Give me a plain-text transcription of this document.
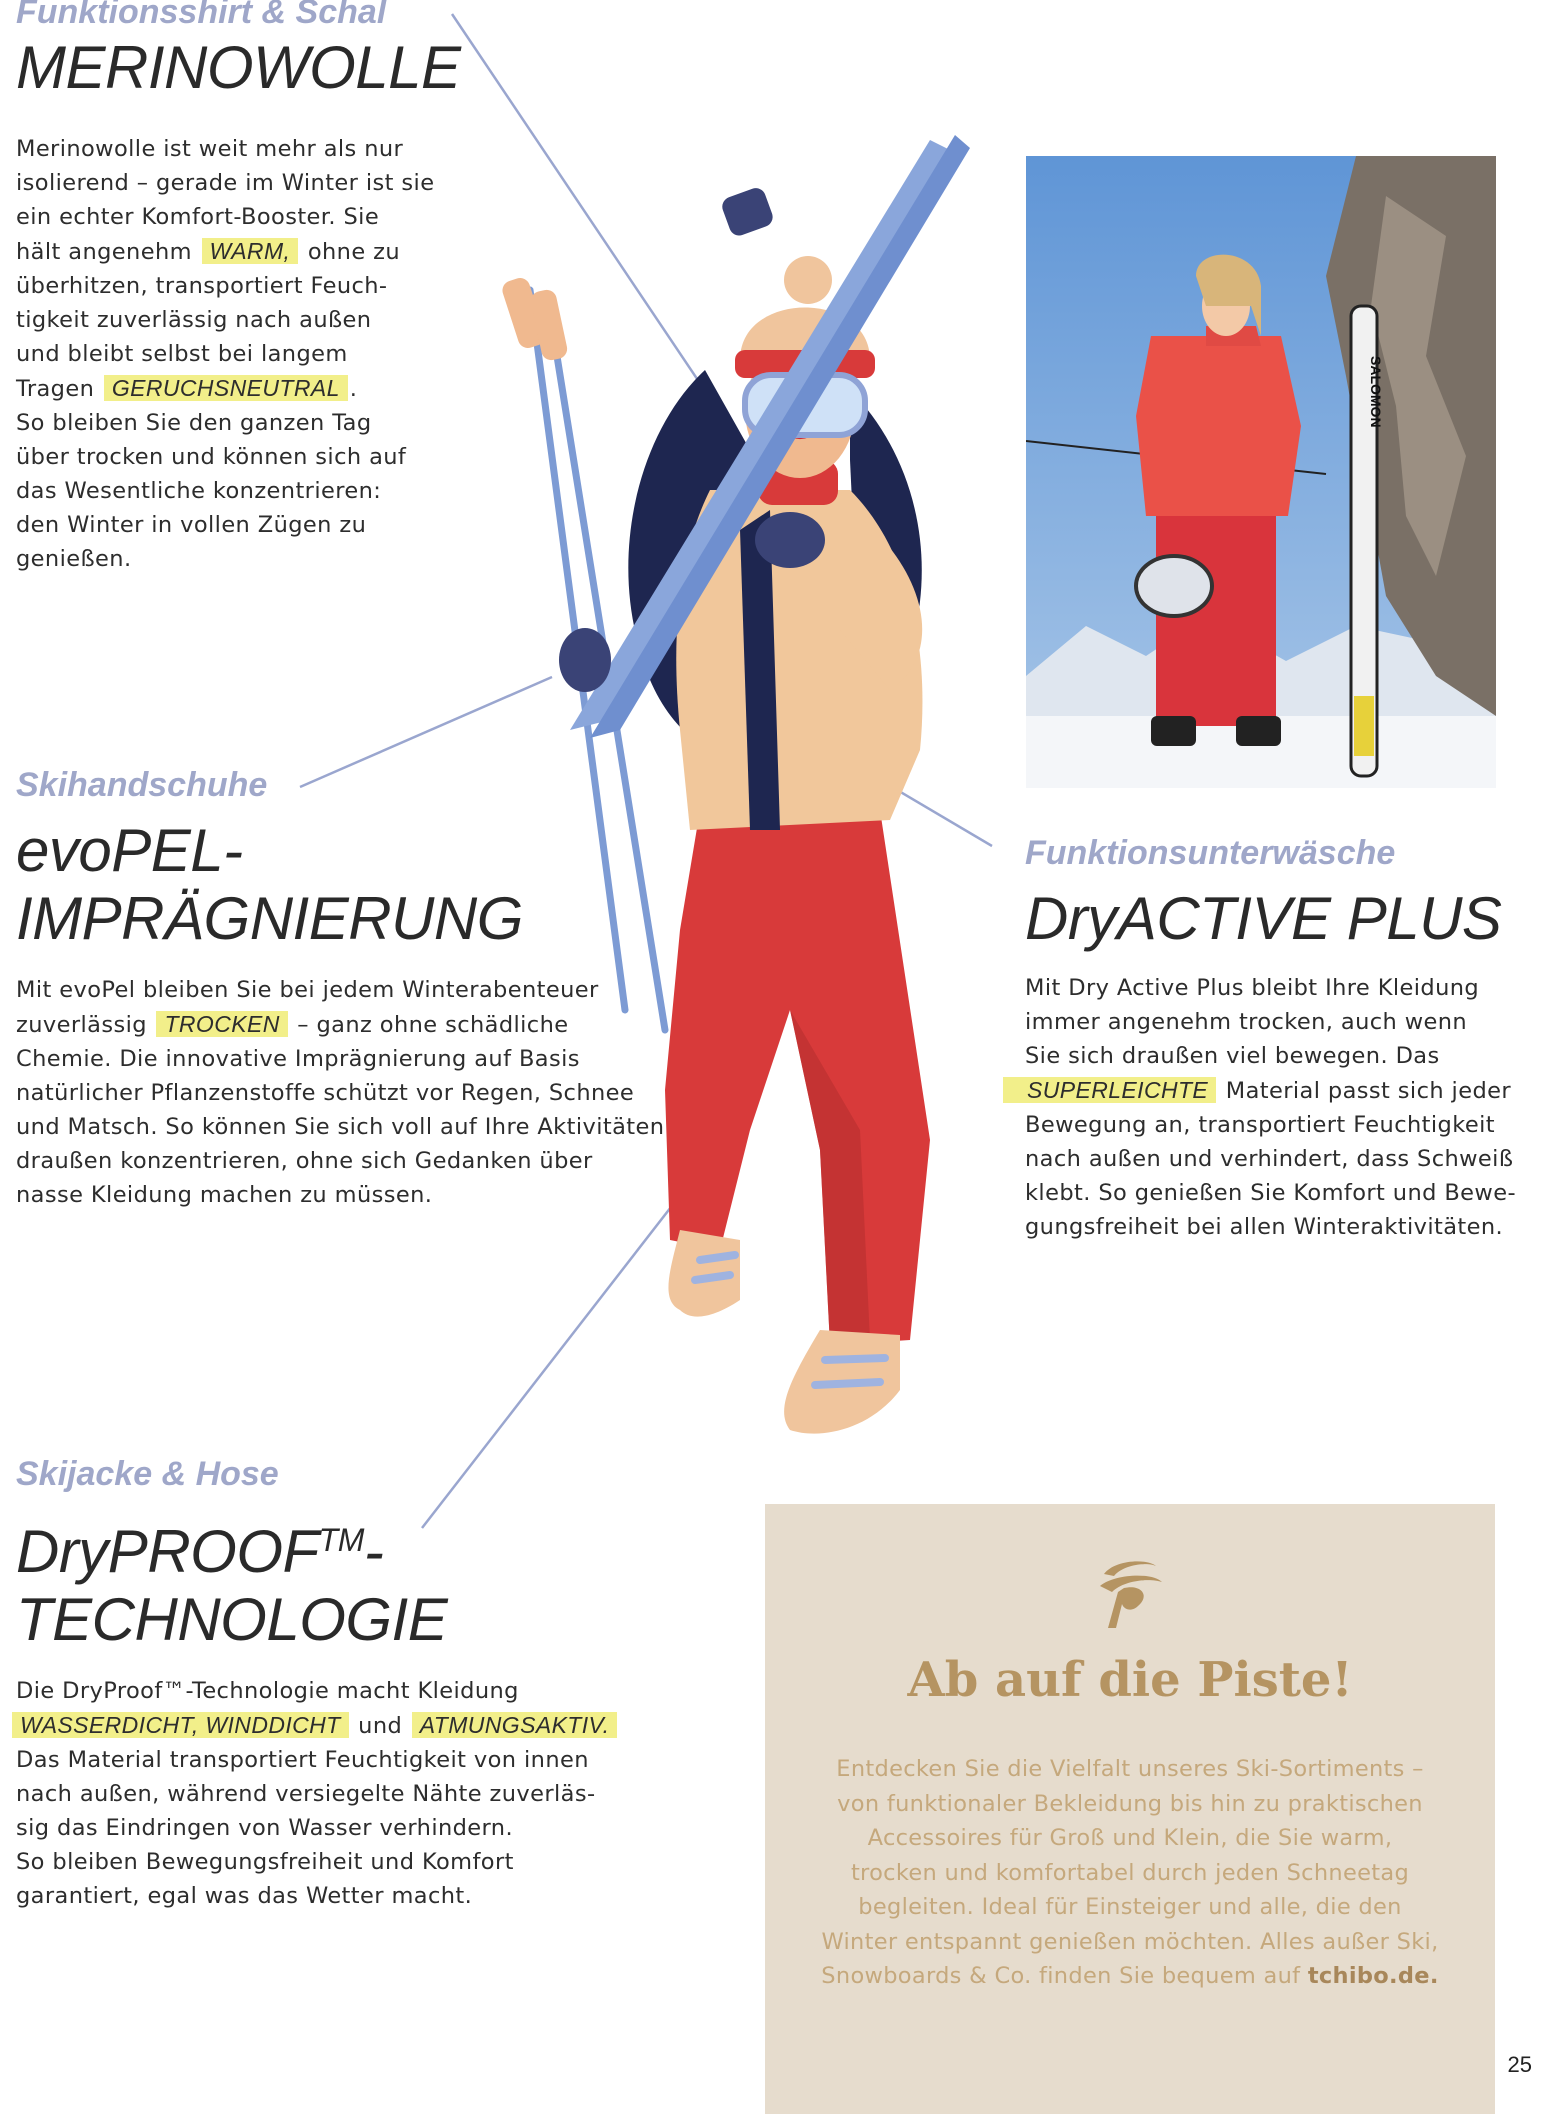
Funktionsshirt & Schal
MERINOWOLLE
Merinowolle ist weit mehr als nur
isolierend – gerade im Winter ist sie
ein echter Komfort-Booster. Sie
hält angenehm WARM, ohne zu
überhitzen, transportiert Feuch-
tigkeit zuverlässig nach außen
und bleibt selbst bei langem
Tragen GERUCHSNEUTRAL .
So bleiben Sie den ganzen Tag
über trocken und können sich auf
das Wesentliche konzentrieren:
den Winter in vollen Zügen zu
genießen.
Skihandschuhe
evoPEL-
IMPRÄGNIERUNG
Mit evoPel bleiben Sie bei jedem Winterabenteuer
zuverlässig TROCKEN – ganz ohne schädliche
Chemie. Die innovative Imprägnierung auf Basis
natürlicher Pflanzenstoffe schützt vor Regen, Schnee
und Matsch. So können Sie sich voll auf Ihre Aktivitäten
draußen konzentrieren, ohne sich Gedanken über
nasse Kleidung machen zu müssen.
Funktionsunterwäsche
DryACTIVE PLUS
Mit Dry Active Plus bleibt Ihre Kleidung
immer angenehm trocken, auch wenn
Sie sich draußen viel bewegen. Das
SUPERLEICHTE Material passt sich jeder
Bewegung an, transportiert Feuchtigkeit
nach außen und verhindert, dass Schweiß
klebt. So genießen Sie Komfort und Bewe-
gungsfreiheit bei allen Winteraktivitäten.
Skijacke & Hose
DryPROOF™-
TECHNOLOGIE
Die DryProof™-Technologie macht Kleidung
WASSERDICHT, WINDDICHT und ATMUNGSAKTIV.
Das Material transportiert Feuchtigkeit von innen
nach außen, während versiegelte Nähte zuverläs-
sig das Eindringen von Wasser verhindern.
So bleiben Bewegungsfreiheit und Komfort
garantiert, egal was das Wetter macht.
SALOMON
Ab auf die Piste!
Entdecken Sie die Vielfalt unseres Ski-Sortiments –
von funktionaler Bekleidung bis hin zu praktischen
Accessoires für Groß und Klein, die Sie warm,
trocken und komfortabel durch jeden Schneetag
begleiten. Ideal für Einsteiger und alle, die den
Winter entspannt genießen möchten. Alles außer Ski,
Snowboards & Co. finden Sie bequem auf tchibo.de.
25
